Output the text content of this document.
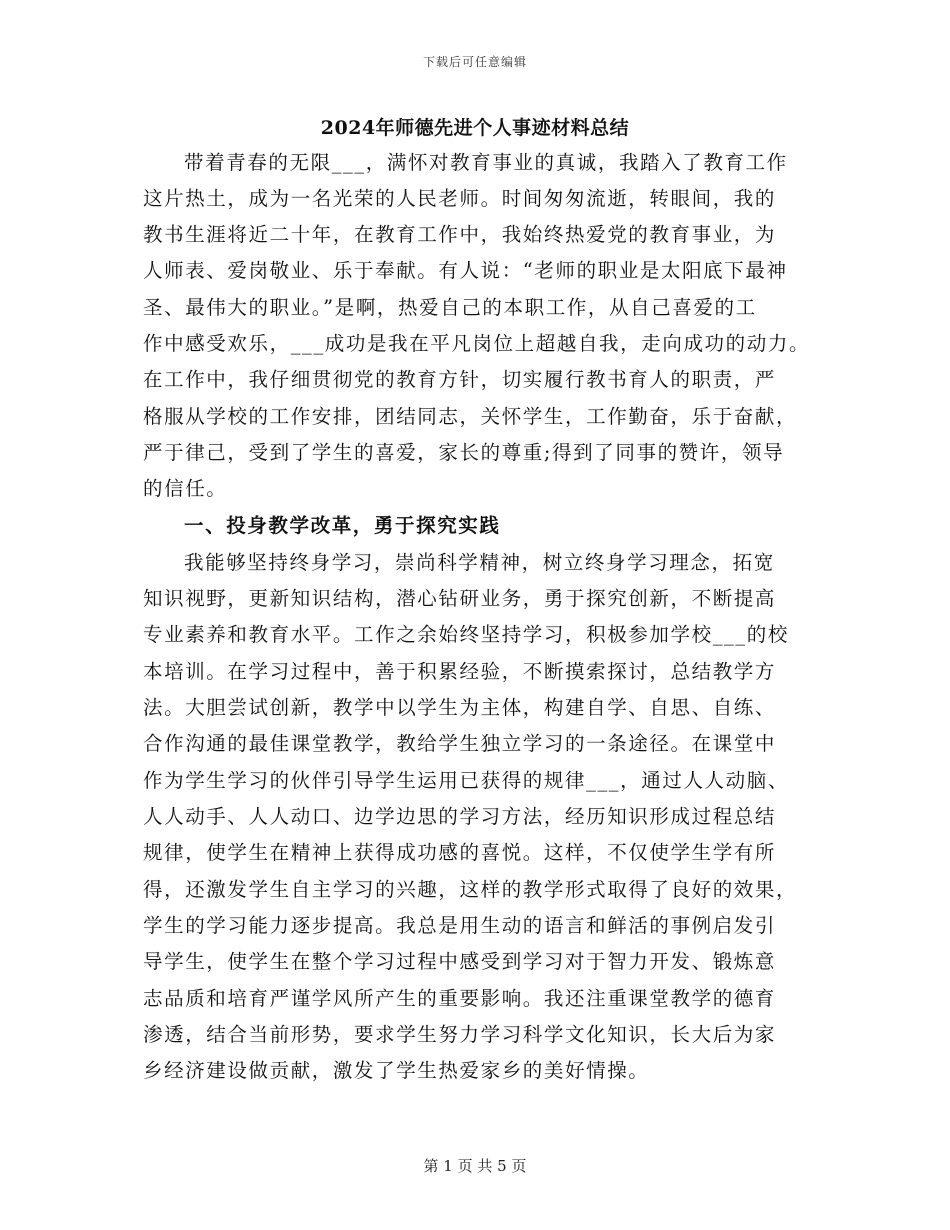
下载后可任意编辑
2024年师德先进个人事迹材料总结
带着青春的无限___，满怀对教育事业的真诚，我踏入了教育工作
这片热土，成为一名光荣的人民老师。时间匆匆流逝，转眼间，我的
教书生涯将近二十年，在教育工作中，我始终热爱党的教育事业，为
人师表、爱岗敬业、乐于奉献。有人说：“老师的职业是太阳底下最神
圣、最伟大的职业。”是啊，热爱自己的本职工作，从自己喜爱的工
作中感受欢乐，___成功是我在平凡岗位上超越自我，走向成功的动力。
在工作中，我仔细贯彻党的教育方针，切实履行教书育人的职责，严
格服从学校的工作安排，团结同志，关怀学生，工作勤奋，乐于奋献，
严于律己，受到了学生的喜爱，家长的尊重;得到了同事的赞许，领导
的信任。
一、投身教学改革，勇于探究实践
我能够坚持终身学习，崇尚科学精神，树立终身学习理念，拓宽
知识视野，更新知识结构，潜心钻研业务，勇于探究创新，不断提高
专业素养和教育水平。工作之余始终坚持学习，积极参加学校___的校
本培训。在学习过程中，善于积累经验，不断摸索探讨，总结教学方
法。大胆尝试创新，教学中以学生为主体，构建自学、自思、自练、
合作沟通的最佳课堂教学，教给学生独立学习的一条途径。在课堂中
作为学生学习的伙伴引导学生运用已获得的规律___，通过人人动脑、
人人动手、人人动口、边学边思的学习方法，经历知识形成过程总结
规律，使学生在精神上获得成功感的喜悦。这样，不仅使学生学有所
得，还激发学生自主学习的兴趣，这样的教学形式取得了良好的效果，
学生的学习能力逐步提高。我总是用生动的语言和鲜活的事例启发引
导学生，使学生在整个学习过程中感受到学习对于智力开发、锻炼意
志品质和培育严谨学风所产生的重要影响。我还注重课堂教学的德育
渗透，结合当前形势，要求学生努力学习科学文化知识，长大后为家
乡经济建设做贡献，激发了学生热爱家乡的美好情操。
第 1 页 共 5 页
